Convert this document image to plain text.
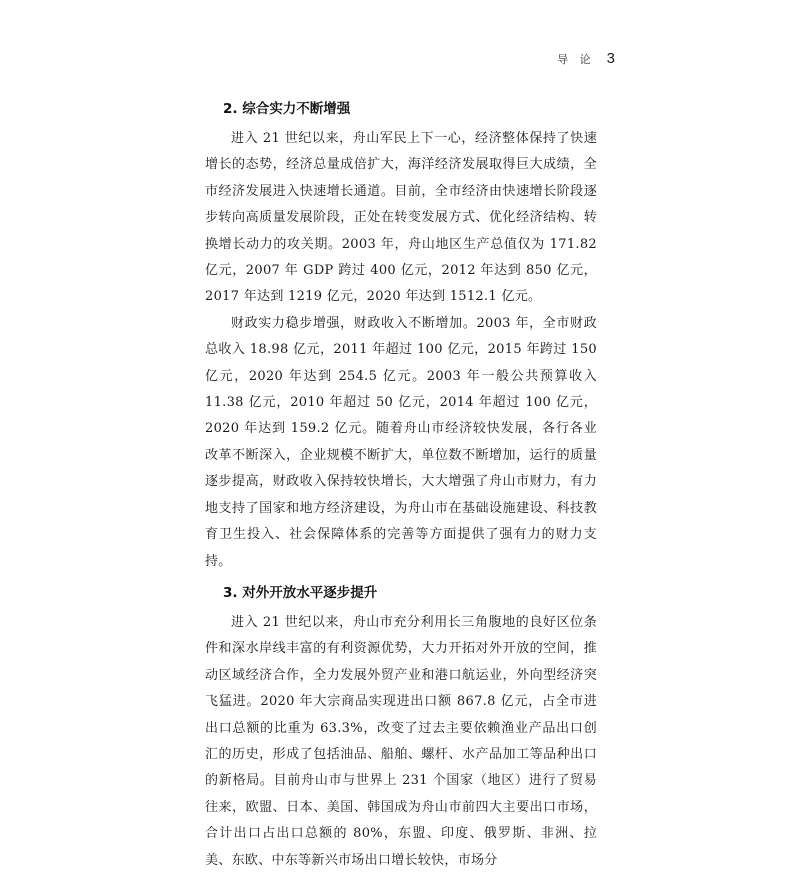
导 论 3
2. 综合实力不断增强

进入 21 世纪以来，舟山军民上下一心，经济整体保持了快速增长的态势，经济总量成倍扩大，海洋经济发展取得巨大成绩，全市经济发展进入快速增长通道。目前，全市经济由快速增长阶段逐步转向高质量发展阶段，正处在转变发展方式、优化经济结构、转换增长动力的攻关期。2003 年，舟山地区生产总值仅为 171.82 亿元，2007 年 GDP 跨过 400 亿元，2012 年达到 850 亿元，2017 年达到 1219 亿元，2020 年达到 1512.1 亿元。

财政实力稳步增强，财政收入不断增加。2003 年，全市财政总收入 18.98 亿元，2011 年超过 100 亿元，2015 年跨过 150 亿元，2020 年达到 254.5 亿元。2003 年一般公共预算收入 11.38 亿元，2010 年超过 50 亿元，2014 年超过 100 亿元，2020 年达到 159.2 亿元。随着舟山市经济较快发展，各行各业改革不断深入，企业规模不断扩大，单位数不断增加，运行的质量逐步提高，财政收入保持较快增长，大大增强了舟山市财力，有力地支持了国家和地方经济建设，为舟山市在基础设施建设、科技教育卫生投入、社会保障体系的完善等方面提供了强有力的财力支持。

3. 对外开放水平逐步提升

进入 21 世纪以来，舟山市充分利用长三角腹地的良好区位条件和深水岸线丰富的有利资源优势，大力开拓对外开放的空间，推动区域经济合作，全力发展外贸产业和港口航运业，外向型经济突飞猛进。2020 年大宗商品实现进出口额 867.8 亿元，占全市进出口总额的比重为 63.3%，改变了过去主要依赖渔业产品出口创汇的历史，形成了包括油品、船舶、螺杆、水产品加工等品种出口的新格局。目前舟山市与世界上 231 个国家（地区）进行了贸易往来，欧盟、日本、美国、韩国成为舟山市前四大主要出口市场，合计出口占出口总额的 80%，东盟、印度、俄罗斯、非洲、拉美、东欧、中东等新兴市场出口增长较快，市场分
